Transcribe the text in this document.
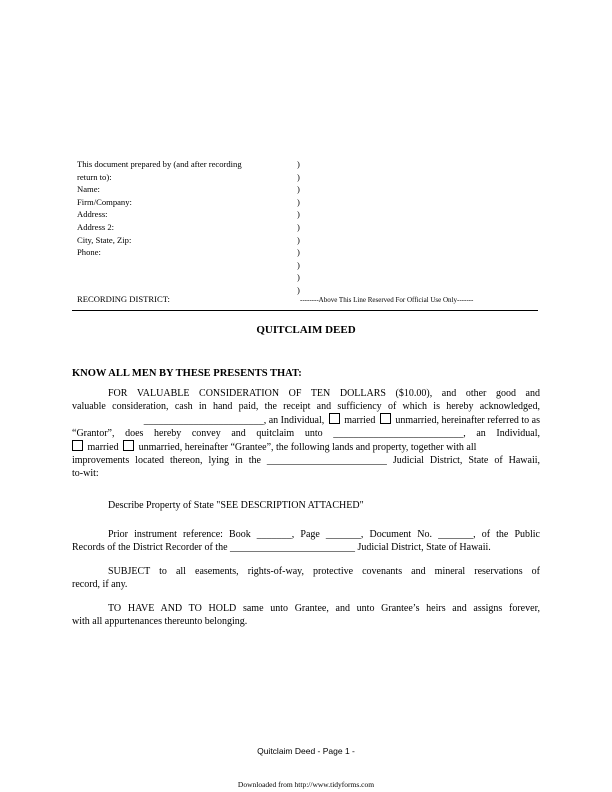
This document prepared by (and after recording
return to):
Name:
Firm/Company:
Address:
Address 2:
City, State, Zip:
Phone:
)
)
)
)
)
)
)
)
)
)
)
RECORDING DISTRICT:	--------Above This Line Reserved For Official Use Only-------
QUITCLAIM DEED
KNOW ALL MEN BY THESE PRESENTS THAT:
FOR VALUABLE CONSIDERATION OF TEN DOLLARS ($10.00), and other good and
valuable consideration, cash in hand paid, the receipt and sufficiency of which is hereby acknowledged,
________________________, an Individual, married unmarried, hereinafter referred to as
“Grantor”, does hereby convey and quitclaim unto __________________________, an Individual,
married unmarried, hereinafter “Grantee”, the following lands and property, together with all
improvements located thereon, lying in the ________________________ Judicial District, State of Hawaii,
to-wit:
Describe Property of State "SEE DESCRIPTION ATTACHED"
Prior instrument reference: Book _______, Page _______, Document No. _______, of the Public
Records of the District Recorder of the _________________________ Judicial District, State of Hawaii.
SUBJECT to all easements, rights-of-way, protective covenants and mineral reservations of
record, if any.
TO HAVE AND TO HOLD same unto Grantee, and unto Grantee’s heirs and assigns forever,
with all appurtenances thereunto belonging.
Quitclaim Deed - Page 1 -
Downloaded from http://www.tidyforms.com
